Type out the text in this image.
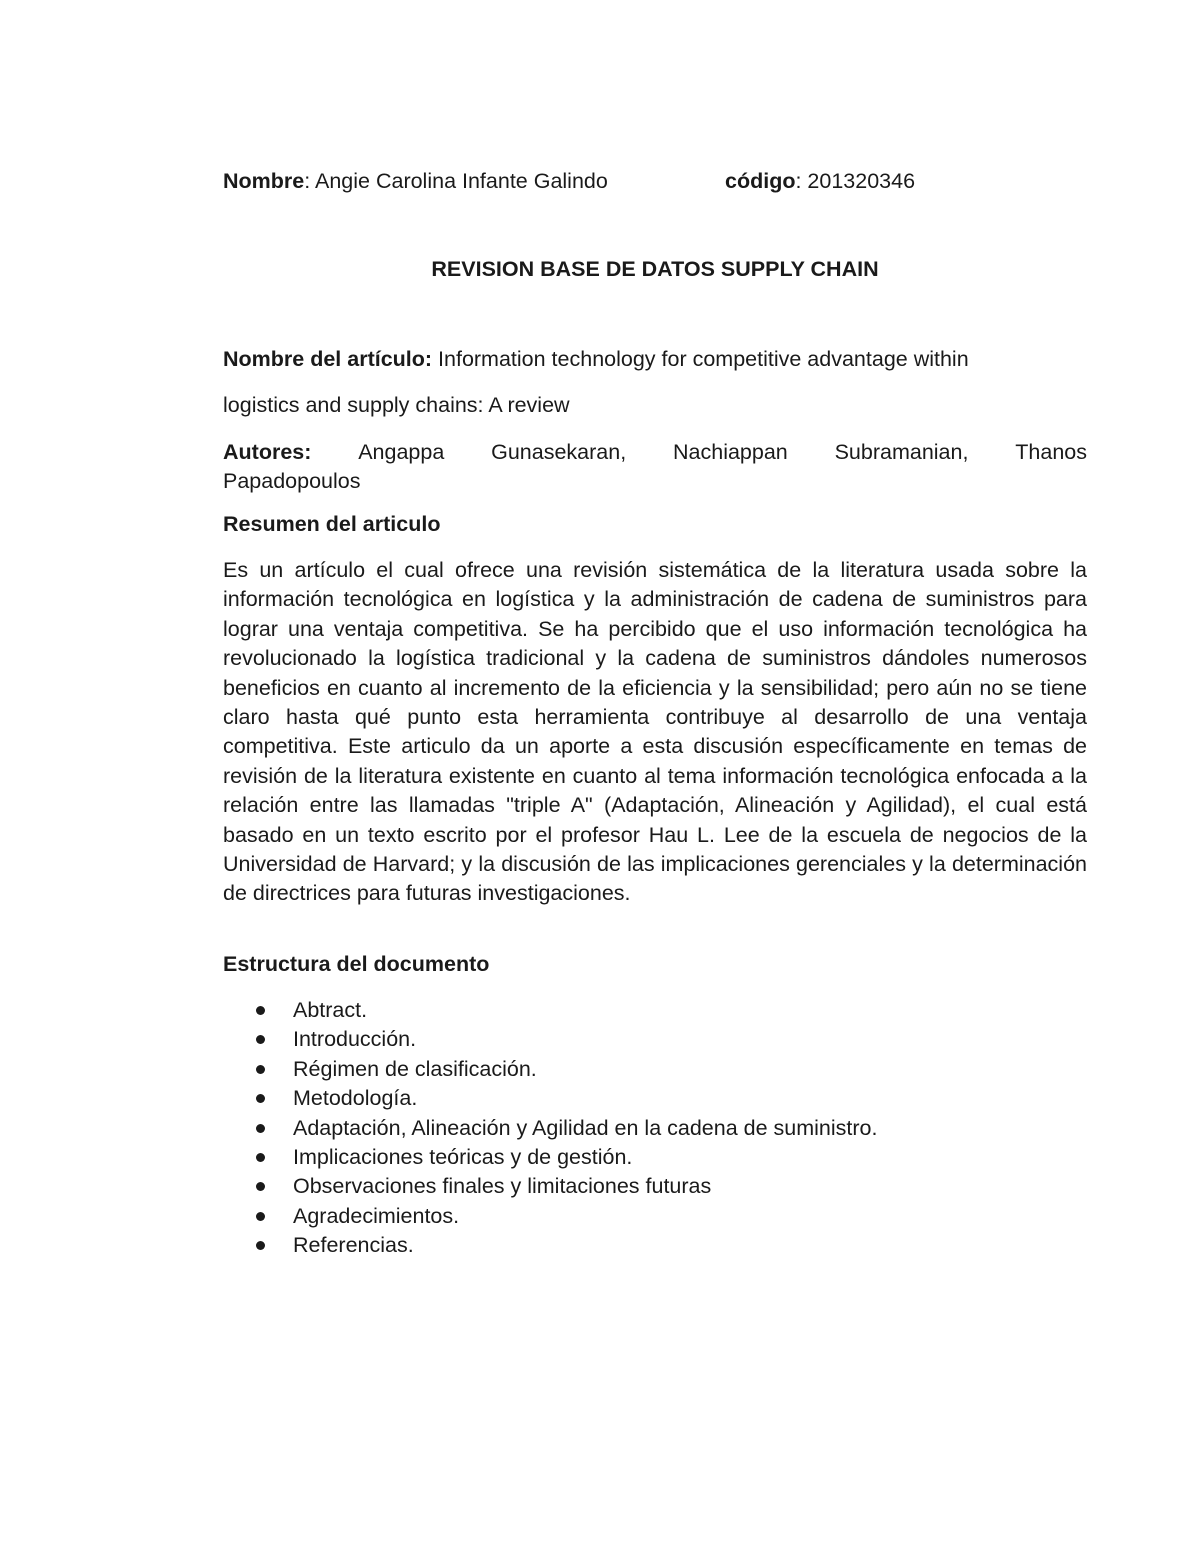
Nombre: Angie Carolina Infante Galindo	código: 201320346
REVISION BASE DE DATOS SUPPLY CHAIN
Nombre del artículo: Information technology for competitive advantage within
logistics and supply chains: A review
Autores: Angappa Gunasekaran, Nachiappan Subramanian, Thanos
Papadopoulos
Resumen del articulo
Es un artículo el cual ofrece una revisión sistemática de la literatura usada sobre la información tecnológica en logística y la administración de cadena de suministros para lograr una ventaja competitiva. Se ha percibido que el uso información tecnológica ha revolucionado la logística tradicional y la cadena de suministros dándoles numerosos beneficios en cuanto al incremento de la eficiencia y la sensibilidad; pero aún no se tiene claro hasta qué punto esta herramienta contribuye al desarrollo de una ventaja competitiva. Este articulo da un aporte a esta discusión específicamente en temas de revisión de la literatura existente en cuanto al tema información tecnológica enfocada a la relación entre las llamadas "triple A" (Adaptación, Alineación y Agilidad), el cual está basado en un texto escrito por el profesor Hau L. Lee de la escuela de negocios de la Universidad de Harvard; y la discusión de las implicaciones gerenciales y la determinación de directrices para futuras investigaciones.
Estructura del documento
Abtract.
Introducción.
Régimen de clasificación.
Metodología.
Adaptación, Alineación y Agilidad en la cadena de suministro.
Implicaciones teóricas y de gestión.
Observaciones finales y limitaciones futuras
Agradecimientos.
Referencias.
